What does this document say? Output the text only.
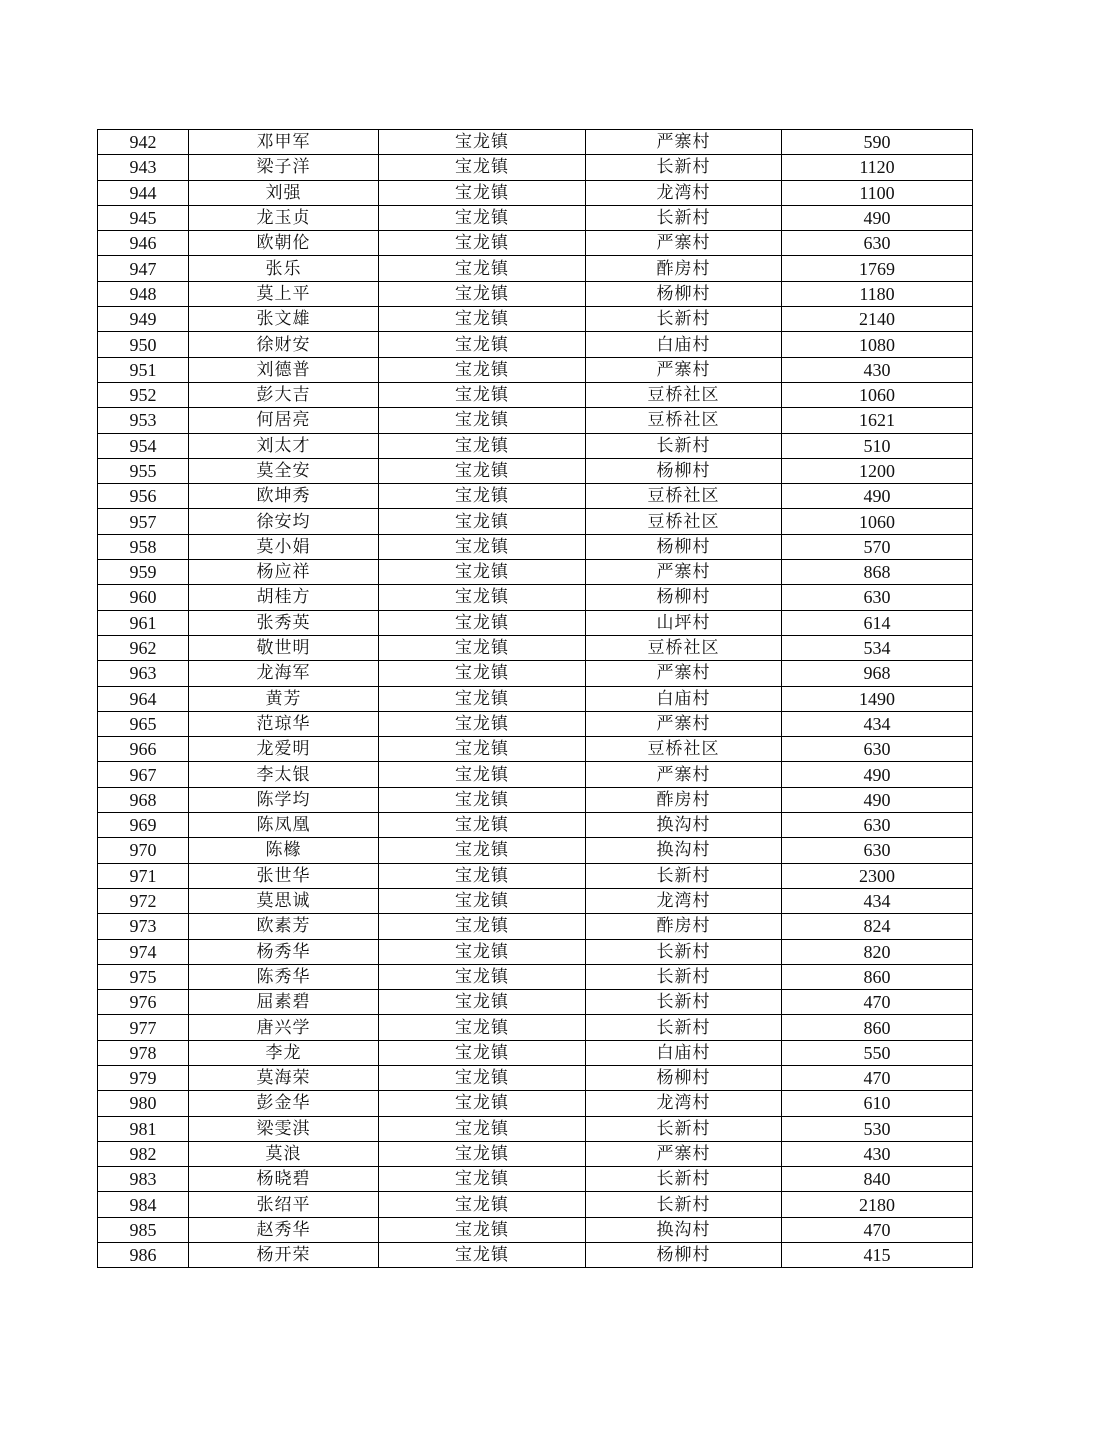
942	邓甲军	宝龙镇	严寨村	590
943	梁子洋	宝龙镇	长新村	1120
944	刘强	宝龙镇	龙湾村	1100
945	龙玉贞	宝龙镇	长新村	490
946	欧朝伦	宝龙镇	严寨村	630
947	张乐	宝龙镇	酢房村	1769
948	莫上平	宝龙镇	杨柳村	1180
949	张文雄	宝龙镇	长新村	2140
950	徐财安	宝龙镇	白庙村	1080
951	刘德普	宝龙镇	严寨村	430
952	彭大吉	宝龙镇	豆桥社区	1060
953	何居亮	宝龙镇	豆桥社区	1621
954	刘太才	宝龙镇	长新村	510
955	莫全安	宝龙镇	杨柳村	1200
956	欧坤秀	宝龙镇	豆桥社区	490
957	徐安均	宝龙镇	豆桥社区	1060
958	莫小娟	宝龙镇	杨柳村	570
959	杨应祥	宝龙镇	严寨村	868
960	胡桂方	宝龙镇	杨柳村	630
961	张秀英	宝龙镇	山坪村	614
962	敬世明	宝龙镇	豆桥社区	534
963	龙海军	宝龙镇	严寨村	968
964	黄芳	宝龙镇	白庙村	1490
965	范琼华	宝龙镇	严寨村	434
966	龙爱明	宝龙镇	豆桥社区	630
967	李太银	宝龙镇	严寨村	490
968	陈学均	宝龙镇	酢房村	490
969	陈凤凰	宝龙镇	换沟村	630
970	陈橼	宝龙镇	换沟村	630
971	张世华	宝龙镇	长新村	2300
972	莫思诚	宝龙镇	龙湾村	434
973	欧素芳	宝龙镇	酢房村	824
974	杨秀华	宝龙镇	长新村	820
975	陈秀华	宝龙镇	长新村	860
976	屈素碧	宝龙镇	长新村	470
977	唐兴学	宝龙镇	长新村	860
978	李龙	宝龙镇	白庙村	550
979	莫海荣	宝龙镇	杨柳村	470
980	彭金华	宝龙镇	龙湾村	610
981	梁雯淇	宝龙镇	长新村	530
982	莫浪	宝龙镇	严寨村	430
983	杨晓碧	宝龙镇	长新村	840
984	张绍平	宝龙镇	长新村	2180
985	赵秀华	宝龙镇	换沟村	470
986	杨开荣	宝龙镇	杨柳村	415
